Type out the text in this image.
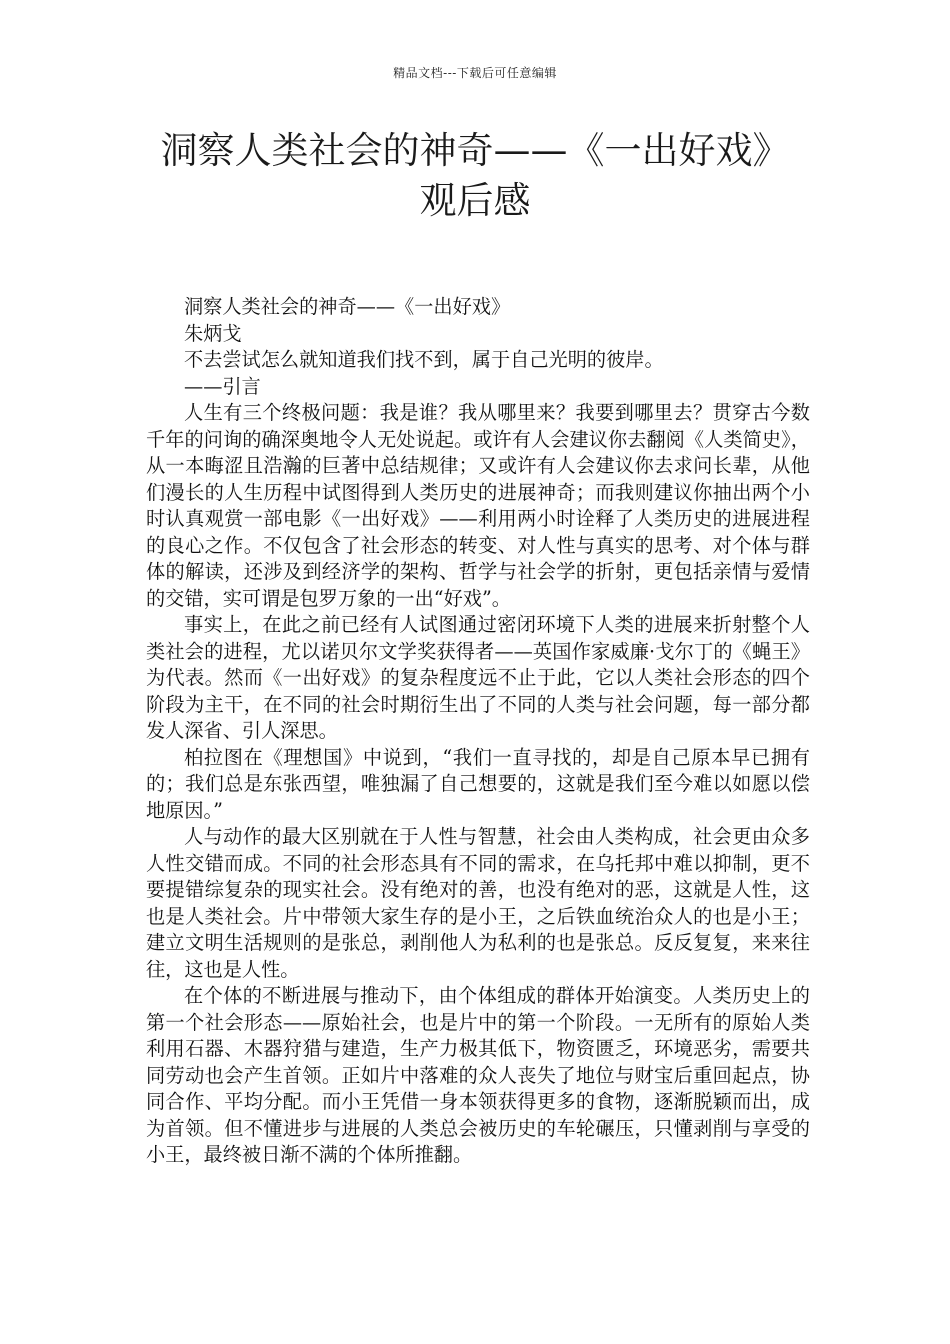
精品文档---下载后可任意编辑
洞察人类社会的神奇——《一出好戏》
观后感

洞察人类社会的神奇——《一出好戏》

朱炳戈

不去尝试怎么就知道我们找不到，属于自己光明的彼岸。

——引言

人生有三个终极问题：我是谁？我从哪里来？我要到哪里去？贯穿古今数千年的问询的确深奥地令人无处说起。或许有人会建议你去翻阅《人类简史》，从一本晦涩且浩瀚的巨著中总结规律；又或许有人会建议你去求问长辈，从他们漫长的人生历程中试图得到人类历史的进展神奇；而我则建议你抽出两个小时认真观赏一部电影《一出好戏》——利用两小时诠释了人类历史的进展进程的良心之作。不仅包含了社会形态的转变、对人性与真实的思考、对个体与群体的解读，还涉及到经济学的架构、哲学与社会学的折射，更包括亲情与爱情的交错，实可谓是包罗万象的一出“好戏”。

事实上，在此之前已经有人试图通过密闭环境下人类的进展来折射整个人类社会的进程，尤以诺贝尔文学奖获得者——英国作家威廉·戈尔丁的《蝇王》为代表。然而《一出好戏》的复杂程度远不止于此，它以人类社会形态的四个阶段为主干，在不同的社会时期衍生出了不同的人类与社会问题，每一部分都发人深省、引人深思。

柏拉图在《理想国》中说到，“我们一直寻找的，却是自己原本早已拥有的；我们总是东张西望，唯独漏了自己想要的，这就是我们至今难以如愿以偿地原因。”

人与动作的最大区别就在于人性与智慧，社会由人类构成，社会更由众多人性交错而成。不同的社会形态具有不同的需求，在乌托邦中难以抑制，更不要提错综复杂的现实社会。没有绝对的善，也没有绝对的恶，这就是人性，这也是人类社会。片中带领大家生存的是小王，之后铁血统治众人的也是小王；建立文明生活规则的是张总，剥削他人为私利的也是张总。反反复复，来来往往，这也是人性。

在个体的不断进展与推动下，由个体组成的群体开始演变。人类历史上的第一个社会形态——原始社会，也是片中的第一个阶段。一无所有的原始人类利用石器、木器狩猎与建造，生产力极其低下，物资匮乏，环境恶劣，需要共同劳动也会产生首领。正如片中落难的众人丧失了地位与财宝后重回起点，协同合作、平均分配。而小王凭借一身本领获得更多的食物，逐渐脱颖而出，成为首领。但不懂进步与进展的人类总会被历史的车轮碾压，只懂剥削与享受的小王，最终被日渐不满的个体所推翻。
